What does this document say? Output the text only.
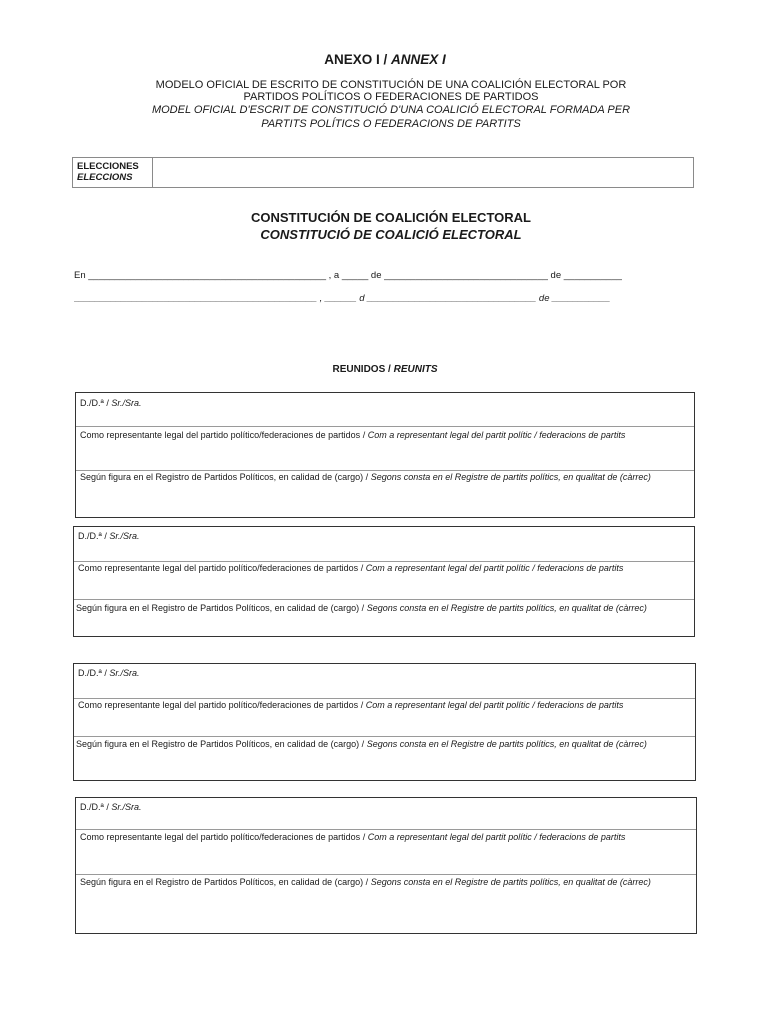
ANEXO I / ANNEX I
MODELO OFICIAL DE ESCRITO DE CONSTITUCIÓN DE UNA COALICIÓN ELECTORAL POR
PARTIDOS POLÍTICOS O FEDERACIONES DE PARTIDOS
MODEL OFICIAL D'ESCRIT DE CONSTITUCIÓ D'UNA COALICIÓ ELECTORAL FORMADA PER
PARTITS POLÍTICS O FEDERACIONS DE PARTITS
ELECCIONES
ELECCIONS
CONSTITUCIÓN DE COALICIÓN ELECTORAL
CONSTITUCIÓ DE COALICIÓ ELECTORAL
En _____________________________________________ , a _____ de _______________________________ de ___________
______________________________________________ , ______ d ________________________________ de ___________
REUNIDOS / REUNITS
D./D.ª / Sr./Sra.
Como representante legal del partido político/federaciones de partidos / Com a representant legal del partit polític / federacions de partits
Según figura en el Registro de Partidos Políticos, en calidad de (cargo) / Segons consta en el Registre de partits polítics, en qualitat de (càrrec)
D./D.ª / Sr./Sra.
Como representante legal del partido político/federaciones de partidos / Com a representant legal del partit polític / federacions de partits
Según figura en el Registro de Partidos Políticos, en calidad de (cargo) / Segons consta en el Registre de partits polítics, en qualitat de (càrrec)
D./D.ª / Sr./Sra.
Como representante legal del partido político/federaciones de partidos / Com a representant legal del partit polític / federacions de partits
Según figura en el Registro de Partidos Políticos, en calidad de (cargo) / Segons consta en el Registre de partits polítics, en qualitat de (càrrec)
D./D.ª / Sr./Sra.
Como representante legal del partido político/federaciones de partidos / Com a representant legal del partit polític / federacions de partits
Según figura en el Registro de Partidos Políticos, en calidad de (cargo) / Segons consta en el Registre de partits polítics, en qualitat de (càrrec)
